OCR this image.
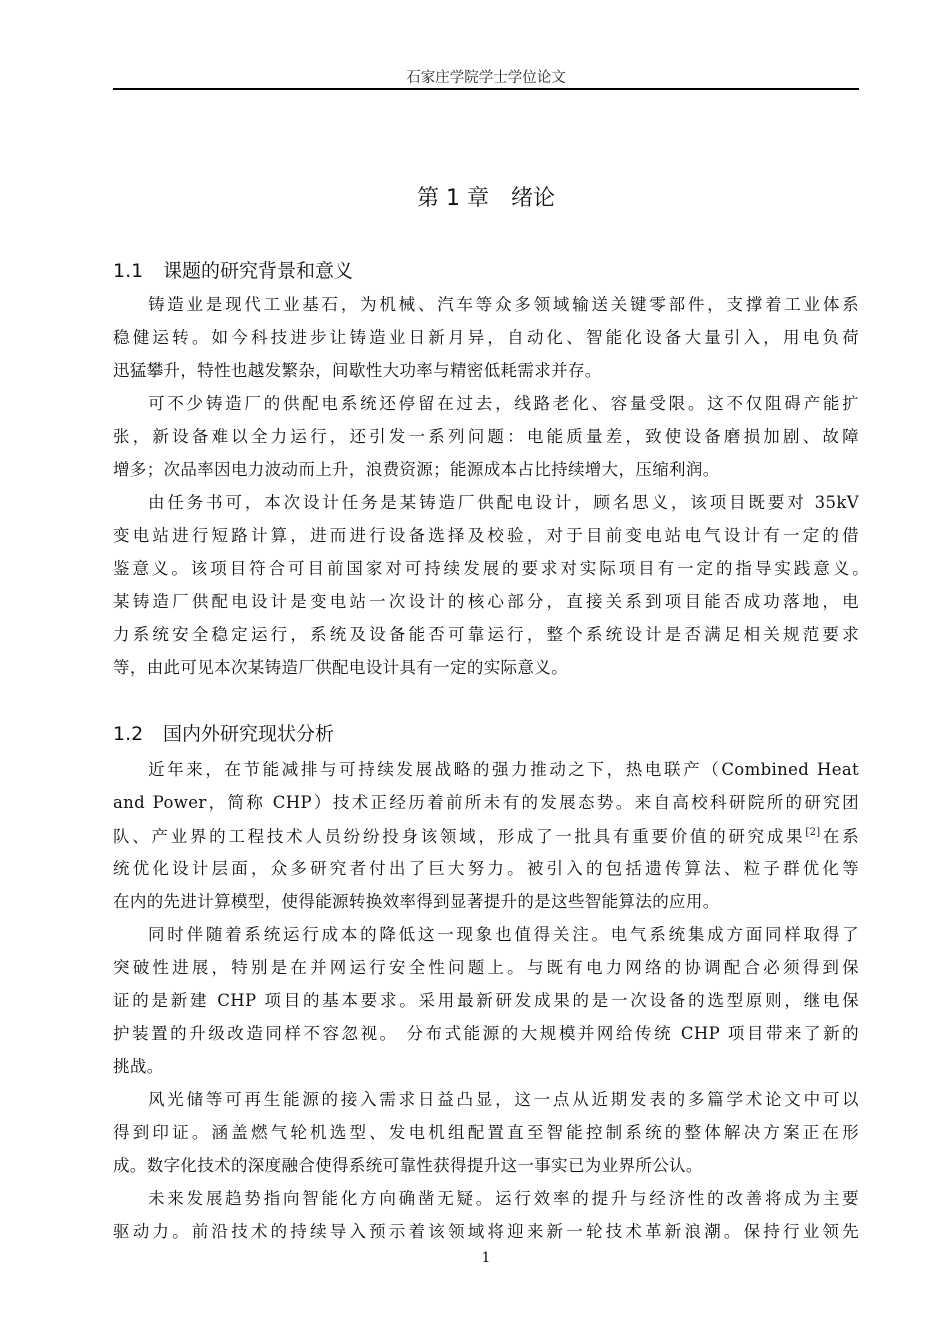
石家庄学院学士学位论文
第 1 章 绪论
1.1 课题的研究背景和意义
铸造业是现代工业基石，为机械、汽车等众多领域输送关键零部件，支撑着工业体系
稳健运转。如今科技进步让铸造业日新月异，自动化、智能化设备大量引入，用电负荷
迅猛攀升，特性也越发繁杂，间歇性大功率与精密低耗需求并存。
可不少铸造厂的供配电系统还停留在过去，线路老化、容量受限。这不仅阻碍产能扩
张，新设备难以全力运行，还引发一系列问题：电能质量差，致使设备磨损加剧、故障
增多；次品率因电力波动而上升，浪费资源；能源成本占比持续增大，压缩利润。
由任务书可，本次设计任务是某铸造厂供配电设计，顾名思义，该项目既要对 35kV
变电站进行短路计算，进而进行设备选择及校验，对于目前变电站电气设计有一定的借
鉴意义。该项目符合可目前国家对可持续发展的要求对实际项目有一定的指导实践意义。
某铸造厂供配电设计是变电站一次设计的核心部分，直接关系到项目能否成功落地，电
力系统安全稳定运行，系统及设备能否可靠运行，整个系统设计是否满足相关规范要求
等，由此可见本次某铸造厂供配电设计具有一定的实际意义。
1.2 国内外研究现状分析
近年来，在节能减排与可持续发展战略的强力推动之下，热电联产（Combined Heat
and Power，简称 CHP）技术正经历着前所未有的发展态势。来自高校科研院所的研究团
队、产业界的工程技术人员纷纷投身该领域，形成了一批具有重要价值的研究成果[2]在系
统优化设计层面，众多研究者付出了巨大努力。被引入的包括遗传算法、粒子群优化等
在内的先进计算模型，使得能源转换效率得到显著提升的是这些智能算法的应用。
同时伴随着系统运行成本的降低这一现象也值得关注。电气系统集成方面同样取得了
突破性进展，特别是在并网运行安全性问题上。与既有电力网络的协调配合必须得到保
证的是新建 CHP 项目的基本要求。采用最新研发成果的是一次设备的选型原则，继电保
护装置的升级改造同样不容忽视。 分布式能源的大规模并网给传统 CHP 项目带来了新的
挑战。
风光储等可再生能源的接入需求日益凸显，这一点从近期发表的多篇学术论文中可以
得到印证。涵盖燃气轮机选型、发电机组配置直至智能控制系统的整体解决方案正在形
成。数字化技术的深度融合使得系统可靠性获得提升这一事实已为业界所公认。
未来发展趋势指向智能化方向确凿无疑。运行效率的提升与经济性的改善将成为主要
驱动力。前沿技术的持续导入预示着该领域将迎来新一轮技术革新浪潮。保持行业领先
1
